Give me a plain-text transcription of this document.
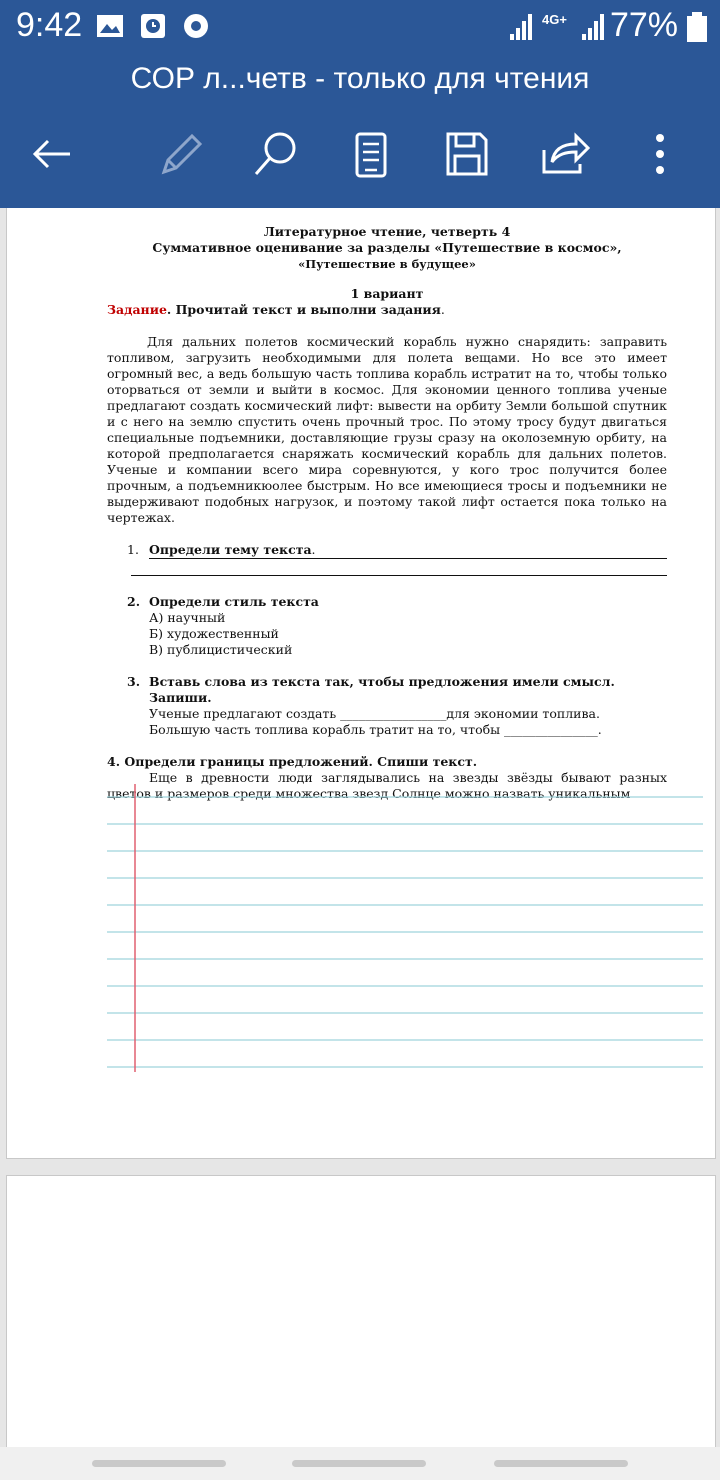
9:42	4G+ 77%
СОР л...четв - только для чтения
Литературное чтение, четверть 4
Суммативное оценивание за разделы «Путешествие в космос», «Путешествие в будущее»
1 вариант
Задание. Прочитай текст и выполни задания.
Для дальних полетов космический корабль нужно снарядить: заправить топливом, загрузить необходимыми для полета вещами. Но все это имеет огромный вес, а ведь большую часть топлива корабль истратит на то, чтобы только оторваться от земли и выйти в космос. Для экономии ценного топлива ученые предлагают создать космический лифт: вывести на орбиту Земли большой спутник и с него на землю спустить очень прочный трос. По этому тросу будут двигаться специальные подъемники, доставляющие грузы сразу на околоземную орбиту, на которой предполагается снаряжать космический корабль для дальних полетов. Ученые и компании всего мира соревнуются, у кого трос получится более прочным, а подъемникюолее быстрым. Но все имеющиеся тросы и подъемники не выдерживают подобных нагрузок, и поэтому такой лифт остается пока только на чертежах.
1. Определи тему текста.
2. Определи стиль текста
А) научный
Б) художественный
В) публицистический
3. Вставь слова из текста так, чтобы предложения имели смысл. Запиши.
Ученые предлагают создать _________________для экономии топлива.
Большую часть топлива корабль тратит на то, чтобы _______________.
4. Определи границы предложений. Спиши текст.
Еще в древности люди заглядывались на звезды звёзды бывают разных цветов и размеров среди множества звезд Солнце можно назвать уникальным
